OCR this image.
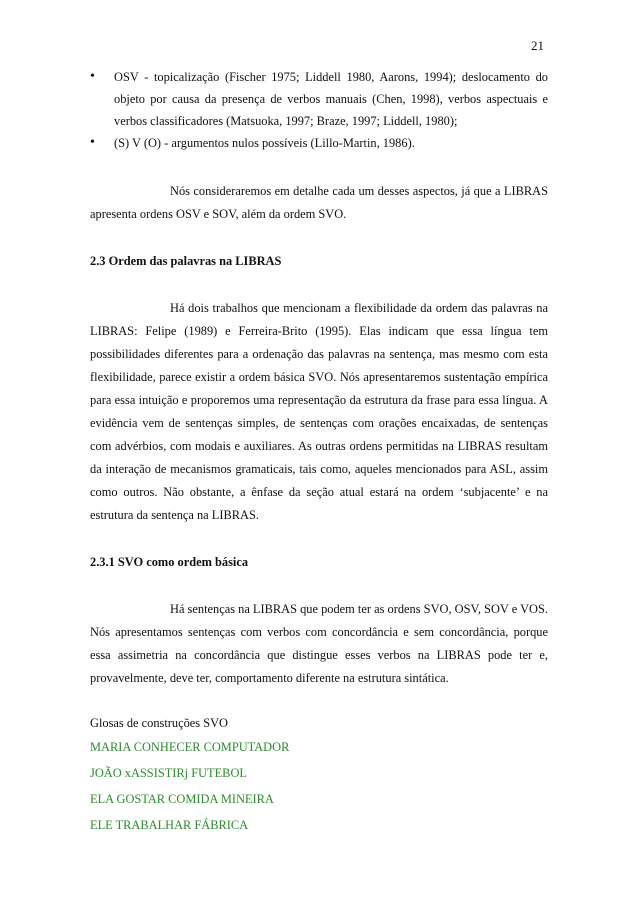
21
• OSV - topicalização (Fischer 1975; Liddell 1980, Aarons, 1994); deslocamento do objeto por causa da presença de verbos manuais (Chen, 1998), verbos aspectuais e verbos classificadores (Matsuoka, 1997; Braze, 1997; Liddell, 1980);
• (S) V (O) - argumentos nulos possíveis (Lillo-Martin, 1986).

Nós consideraremos em detalhe cada um desses aspectos, já que a LIBRAS apresenta ordens OSV e SOV, além da ordem SVO.

2.3 Ordem das palavras na LIBRAS

Há dois trabalhos que mencionam a flexibilidade da ordem das palavras na LIBRAS: Felipe (1989) e Ferreira-Brito (1995). Elas indicam que essa língua tem possibilidades diferentes para a ordenação das palavras na sentença, mas mesmo com esta flexibilidade, parece existir a ordem básica SVO. Nós apresentaremos sustentação empírica para essa intuição e proporemos uma representação da estrutura da frase para essa língua. A evidência vem de sentenças simples, de sentenças com orações encaixadas, de sentenças com advérbios, com modais e auxiliares. As outras ordens permitidas na LIBRAS resultam da interação de mecanismos gramaticais, tais como, aqueles mencionados para ASL, assim como outros. Não obstante, a ênfase da seção atual estará na ordem ‘subjacente’ e na estrutura da sentença na LIBRAS.

2.3.1 SVO como ordem básica

Há sentenças na LIBRAS que podem ter as ordens SVO, OSV, SOV e VOS. Nós apresentamos sentenças com verbos com concordância e sem concordância, porque essa assimetria na concordância que distingue esses verbos na LIBRAS pode ter e, provavelmente, deve ter, comportamento diferente na estrutura sintática.

Glosas de construções SVO

MARIA CONHECER COMPUTADOR

JOÃO xASSISTIRj FUTEBOL

ELA GOSTAR COMIDA MINEIRA

ELE TRABALHAR FÁBRICA
